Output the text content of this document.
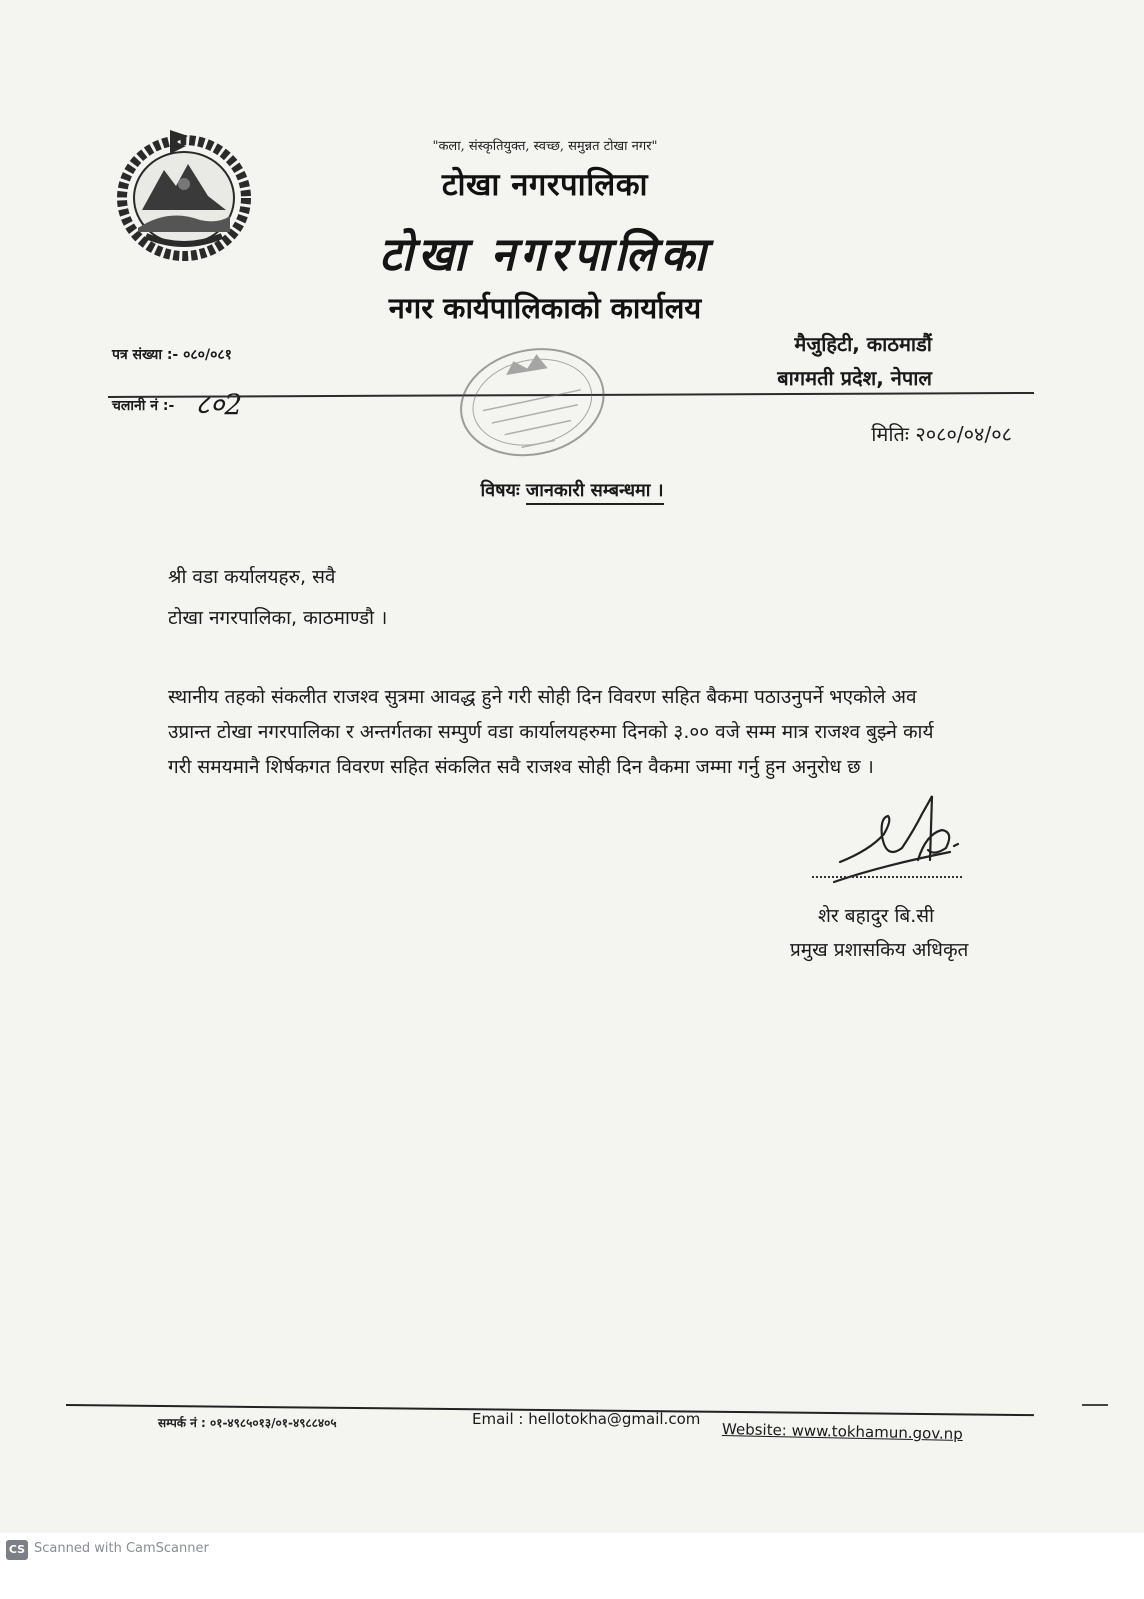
"कला, संस्कृतियुक्त, स्वच्छ, समुन्नत टोखा नगर"
टोखा नगरपालिका
टोखा नगरपालिका
नगर कार्यपालिकाको कार्यालय
पत्र संख्या :- ०८०/०८१
चलानी नं :- ८०2
मैजुहिटी, काठमाडौं
बागमती प्रदेश, नेपाल
मितिः २०८०/०४/०८
विषयः जानकारी सम्बन्धमा ।
श्री वडा कर्यालयहरु, सवै
टोखा नगरपालिका, काठमाण्डौ ।
स्थानीय तहको संकलीत राजश्व सुत्रमा आवद्ध हुने गरी सोही दिन विवरण सहित बैकमा पठाउनुपर्ने भएकोले अव
उप्रान्त टोखा नगरपालिका र अन्तर्गतका सम्पुर्ण वडा कार्यालयहरुमा दिनको ३.०० वजे सम्म मात्र राजश्व बुझ्ने कार्य
गरी समयमानै शिर्षकगत विवरण सहित संकलित सवै राजश्व सोही दिन वैकमा जम्मा गर्नु हुन अनुरोध छ ।
शेर बहादुर बि.सी
प्रमुख प्रशासकिय अधिकृत
सम्पर्क नं : ०१-४९८५०१३/०१-४९८८४०५	Email : hellotokha@gmail.com
Website: www.tokhamun.gov.np
CS Scanned with CamScanner
